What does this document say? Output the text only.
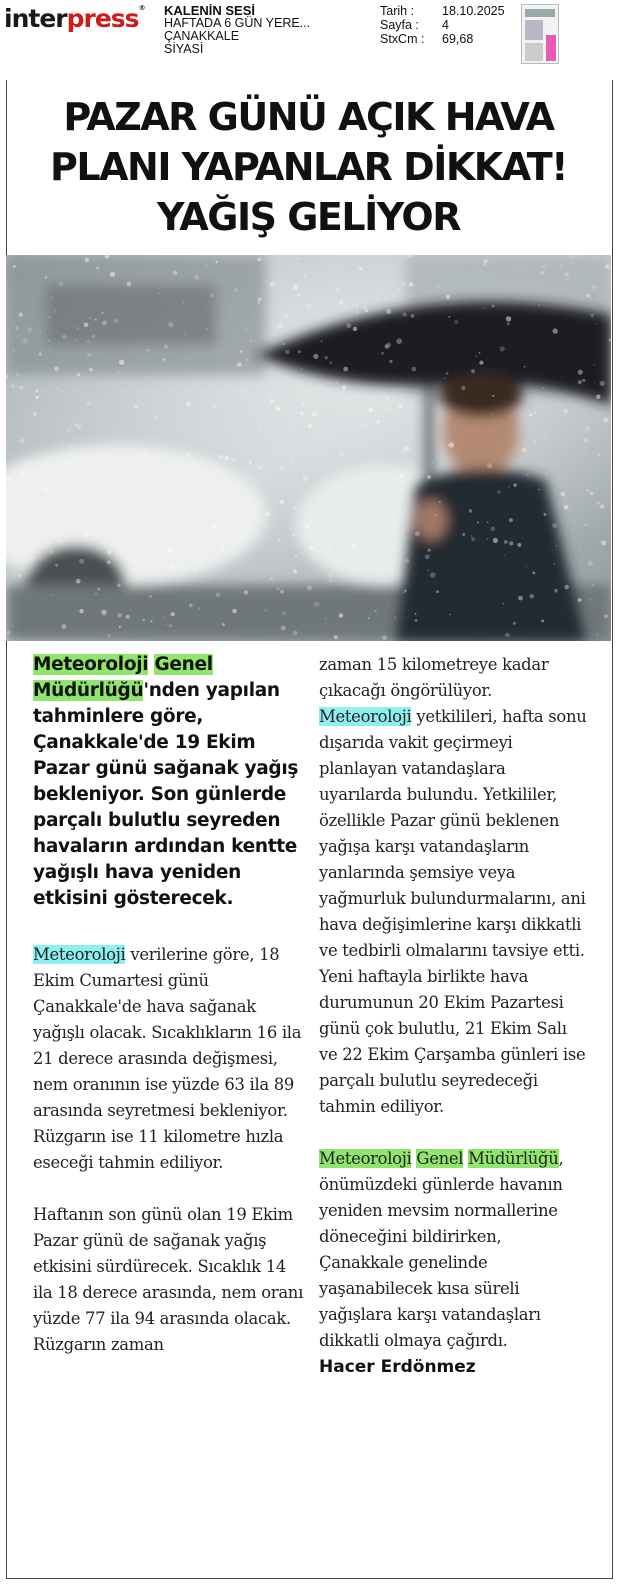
interpress® KALENİN SESİ
HAFTADA 6 GÜN YERE...
ÇANAKKALE
SİYASİ
Tarih :	18.10.2025
Sayfa :	4
StxCm :	69,68
PAZAR GÜNÜ AÇIK HAVA
PLANI YAPANLAR DİKKAT!
YAĞIŞ GELİYOR

Meteoroloji Genel Müdürlüğü'nden yapılan tahminlere göre, Çanakkale'de 19 Ekim Pazar günü sağanak yağış bekleniyor. Son günlerde parçalı bulutlu seyreden havaların ardından kentte yağışlı hava yeniden etkisini gösterecek.

Meteoroloji verilerine göre, 18 Ekim Cumartesi günü Çanakkale'de hava sağanak yağışlı olacak. Sıcaklıkların 16 ila 21 derece arasında değişmesi, nem oranının ise yüzde 63 ila 89 arasında seyretmesi bekleniyor. Rüzgarın ise 11 kilometre hızla eseceği tahmin ediliyor.

Haftanın son günü olan 19 Ekim Pazar günü de sağanak yağış etkisini sürdürecek. Sıcaklık 14 ila 18 derece arasında, nem oranı yüzde 77 ila 94 arasında olacak. Rüzgarın zaman

zaman 15 kilometreye kadar çıkacağı öngörülüyor.

Meteoroloji yetkilileri, hafta sonu dışarıda vakit geçirmeyi planlayan vatandaşlara uyarılarda bulundu. Yetkililer, özellikle Pazar günü beklenen yağışa karşı vatandaşların yanlarında şemsiye veya yağmurluk bulundurmalarını, ani hava değişimlerine karşı dikkatli ve tedbirli olmalarını tavsiye etti.

Yeni haftayla birlikte hava durumunun 20 Ekim Pazartesi günü çok bulutlu, 21 Ekim Salı ve 22 Ekim Çarşamba günleri ise parçalı bulutlu seyredeceği tahmin ediliyor.

Meteoroloji Genel Müdürlüğü, önümüzdeki günlerde havanın yeniden mevsim normallerine döneceğini bildirirken, Çanakkale genelinde yaşanabilecek kısa süreli yağışlara karşı vatandaşları dikkatli olmaya çağırdı.

Hacer Erdönmez
